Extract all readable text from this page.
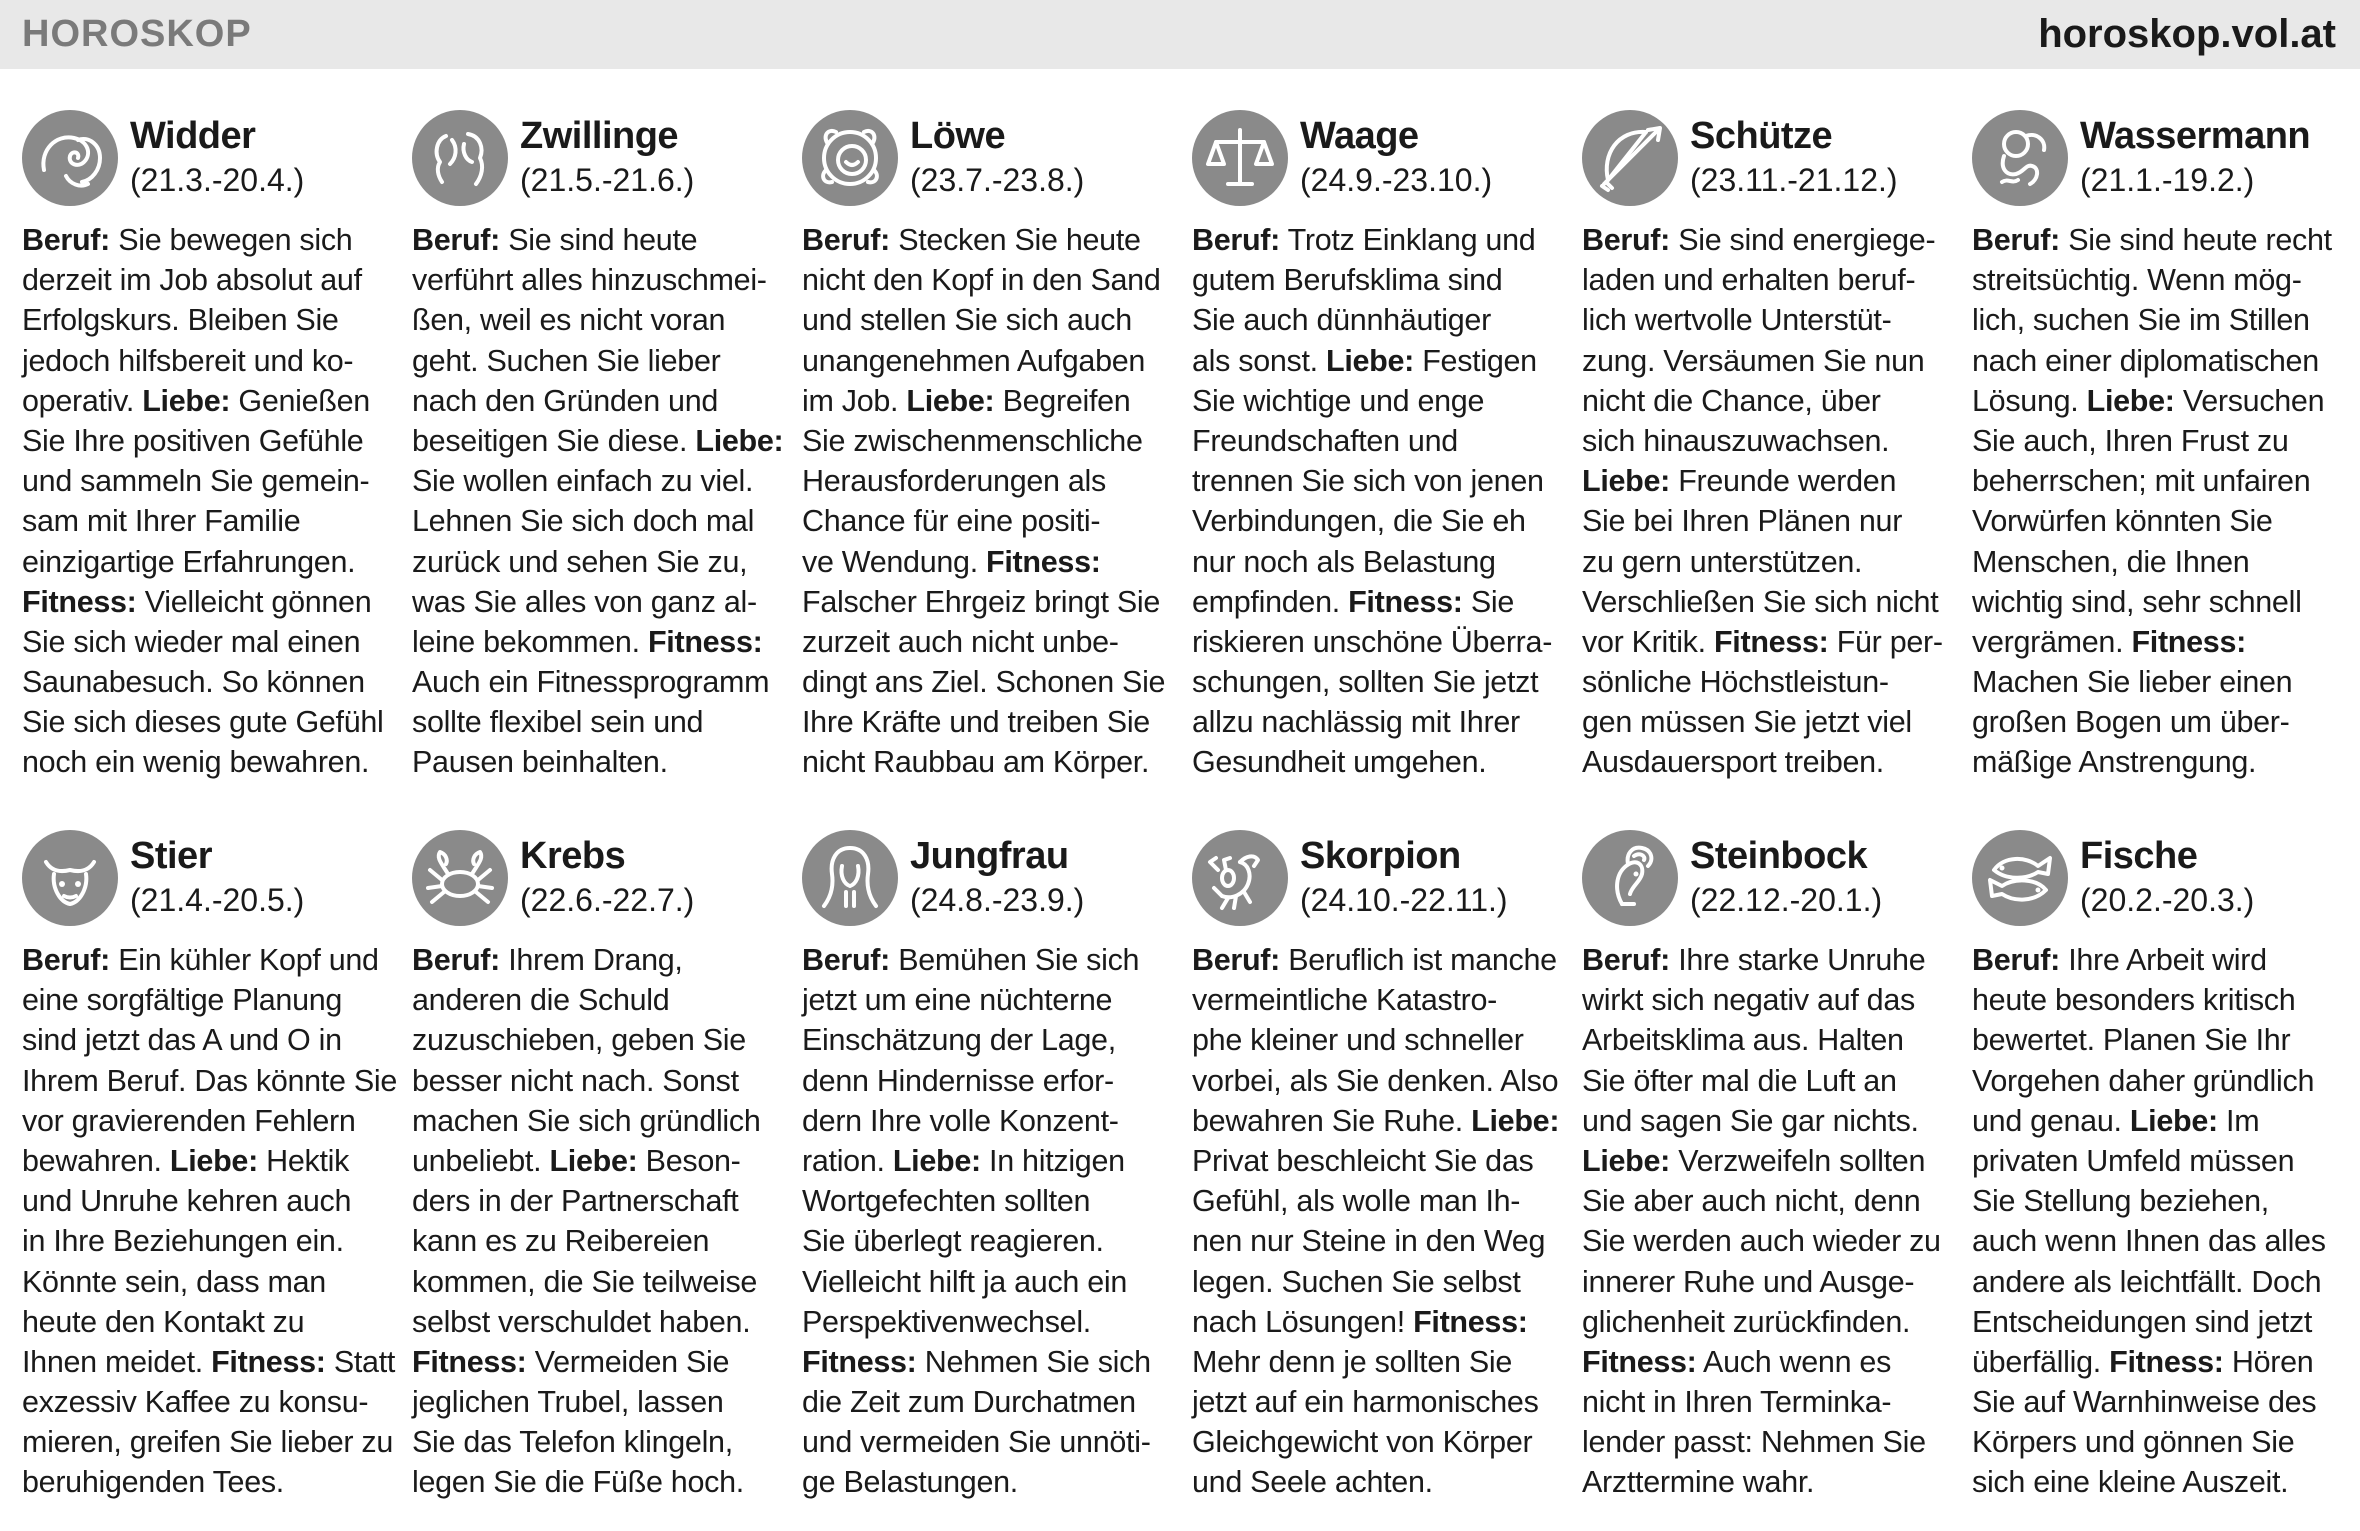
HOROSKOP	horoskop.vol.at
Widder
(21.3.-20.4.)
Beruf: Sie bewegen sich
derzeit im Job absolut auf
Erfolgskurs. Bleiben Sie
jedoch hilfsbereit und ko-
operativ. Liebe: Genießen
Sie Ihre positiven Gefühle
und sammeln Sie gemein-
sam mit Ihrer Familie
einzigartige Erfahrungen.
Fitness: Vielleicht gönnen
Sie sich wieder mal einen
Saunabesuch. So können
Sie sich dieses gute Gefühl
noch ein wenig bewahren.
Zwillinge
(21.5.-21.6.)
Beruf: Sie sind heute
verführt alles hinzuschmei-
ßen, weil es nicht voran
geht. Suchen Sie lieber
nach den Gründen und
beseitigen Sie diese. Liebe:
Sie wollen einfach zu viel.
Lehnen Sie sich doch mal
zurück und sehen Sie zu,
was Sie alles von ganz al-
leine bekommen. Fitness:
Auch ein Fitnessprogramm
sollte flexibel sein und
Pausen beinhalten.
Löwe
(23.7.-23.8.)
Beruf: Stecken Sie heute
nicht den Kopf in den Sand
und stellen Sie sich auch
unangenehmen Aufgaben
im Job. Liebe: Begreifen
Sie zwischenmenschliche
Herausforderungen als
Chance für eine positi-
ve Wendung. Fitness:
Falscher Ehrgeiz bringt Sie
zurzeit auch nicht unbe-
dingt ans Ziel. Schonen Sie
Ihre Kräfte und treiben Sie
nicht Raubbau am Körper.
Waage
(24.9.-23.10.)
Beruf: Trotz Einklang und
gutem Berufsklima sind
Sie auch dünnhäutiger
als sonst. Liebe: Festigen
Sie wichtige und enge
Freundschaften und
trennen Sie sich von jenen
Verbindungen, die Sie eh
nur noch als Belastung
empfinden. Fitness: Sie
riskieren unschöne Überra-
schungen, sollten Sie jetzt
allzu nachlässig mit Ihrer
Gesundheit umgehen.
Schütze
(23.11.-21.12.)
Beruf: Sie sind energiege-
laden und erhalten beruf-
lich wertvolle Unterstüt-
zung. Versäumen Sie nun
nicht die Chance, über
sich hinauszuwachsen.
Liebe: Freunde werden
Sie bei Ihren Plänen nur
zu gern unterstützen.
Verschließen Sie sich nicht
vor Kritik. Fitness: Für per-
sönliche Höchstleistun-
gen müssen Sie jetzt viel
Ausdauersport treiben.
Wassermann
(21.1.-19.2.)
Beruf: Sie sind heute recht
streitsüchtig. Wenn mög-
lich, suchen Sie im Stillen
nach einer diplomatischen
Lösung. Liebe: Versuchen
Sie auch, Ihren Frust zu
beherrschen; mit unfairen
Vorwürfen könnten Sie
Menschen, die Ihnen
wichtig sind, sehr schnell
vergrämen. Fitness:
Machen Sie lieber einen
großen Bogen um über-
mäßige Anstrengung.
Stier
(21.4.-20.5.)
Beruf: Ein kühler Kopf und
eine sorgfältige Planung
sind jetzt das A und O in
Ihrem Beruf. Das könnte Sie
vor gravierenden Fehlern
bewahren. Liebe: Hektik
und Unruhe kehren auch
in Ihre Beziehungen ein.
Könnte sein, dass man
heute den Kontakt zu
Ihnen meidet. Fitness: Statt
exzessiv Kaffee zu konsu-
mieren, greifen Sie lieber zu
beruhigenden Tees.
Krebs
(22.6.-22.7.)
Beruf: Ihrem Drang,
anderen die Schuld
zuzuschieben, geben Sie
besser nicht nach. Sonst
machen Sie sich gründlich
unbeliebt. Liebe: Beson-
ders in der Partnerschaft
kann es zu Reibereien
kommen, die Sie teilweise
selbst verschuldet haben.
Fitness: Vermeiden Sie
jeglichen Trubel, lassen
Sie das Telefon klingeln,
legen Sie die Füße hoch.
Jungfrau
(24.8.-23.9.)
Beruf: Bemühen Sie sich
jetzt um eine nüchterne
Einschätzung der Lage,
denn Hindernisse erfor-
dern Ihre volle Konzent-
ration. Liebe: In hitzigen
Wortgefechten sollten
Sie überlegt reagieren.
Vielleicht hilft ja auch ein
Perspektivenwechsel.
Fitness: Nehmen Sie sich
die Zeit zum Durchatmen
und vermeiden Sie unnöti-
ge Belastungen.
Skorpion
(24.10.-22.11.)
Beruf: Beruflich ist manche
vermeintliche Katastro-
phe kleiner und schneller
vorbei, als Sie denken. Also
bewahren Sie Ruhe. Liebe:
Privat beschleicht Sie das
Gefühl, als wolle man Ih-
nen nur Steine in den Weg
legen. Suchen Sie selbst
nach Lösungen! Fitness:
Mehr denn je sollten Sie
jetzt auf ein harmonisches
Gleichgewicht von Körper
und Seele achten.
Steinbock
(22.12.-20.1.)
Beruf: Ihre starke Unruhe
wirkt sich negativ auf das
Arbeitsklima aus. Halten
Sie öfter mal die Luft an
und sagen Sie gar nichts.
Liebe: Verzweifeln sollten
Sie aber auch nicht, denn
Sie werden auch wieder zu
innerer Ruhe und Ausge-
glichenheit zurückfinden.
Fitness: Auch wenn es
nicht in Ihren Terminka-
lender passt: Nehmen Sie
Arzttermine wahr.
Fische
(20.2.-20.3.)
Beruf: Ihre Arbeit wird
heute besonders kritisch
bewertet. Planen Sie Ihr
Vorgehen daher gründlich
und genau. Liebe: Im
privaten Umfeld müssen
Sie Stellung beziehen,
auch wenn Ihnen das alles
andere als leichtfällt. Doch
Entscheidungen sind jetzt
überfällig. Fitness: Hören
Sie auf Warnhinweise des
Körpers und gönnen Sie
sich eine kleine Auszeit.
